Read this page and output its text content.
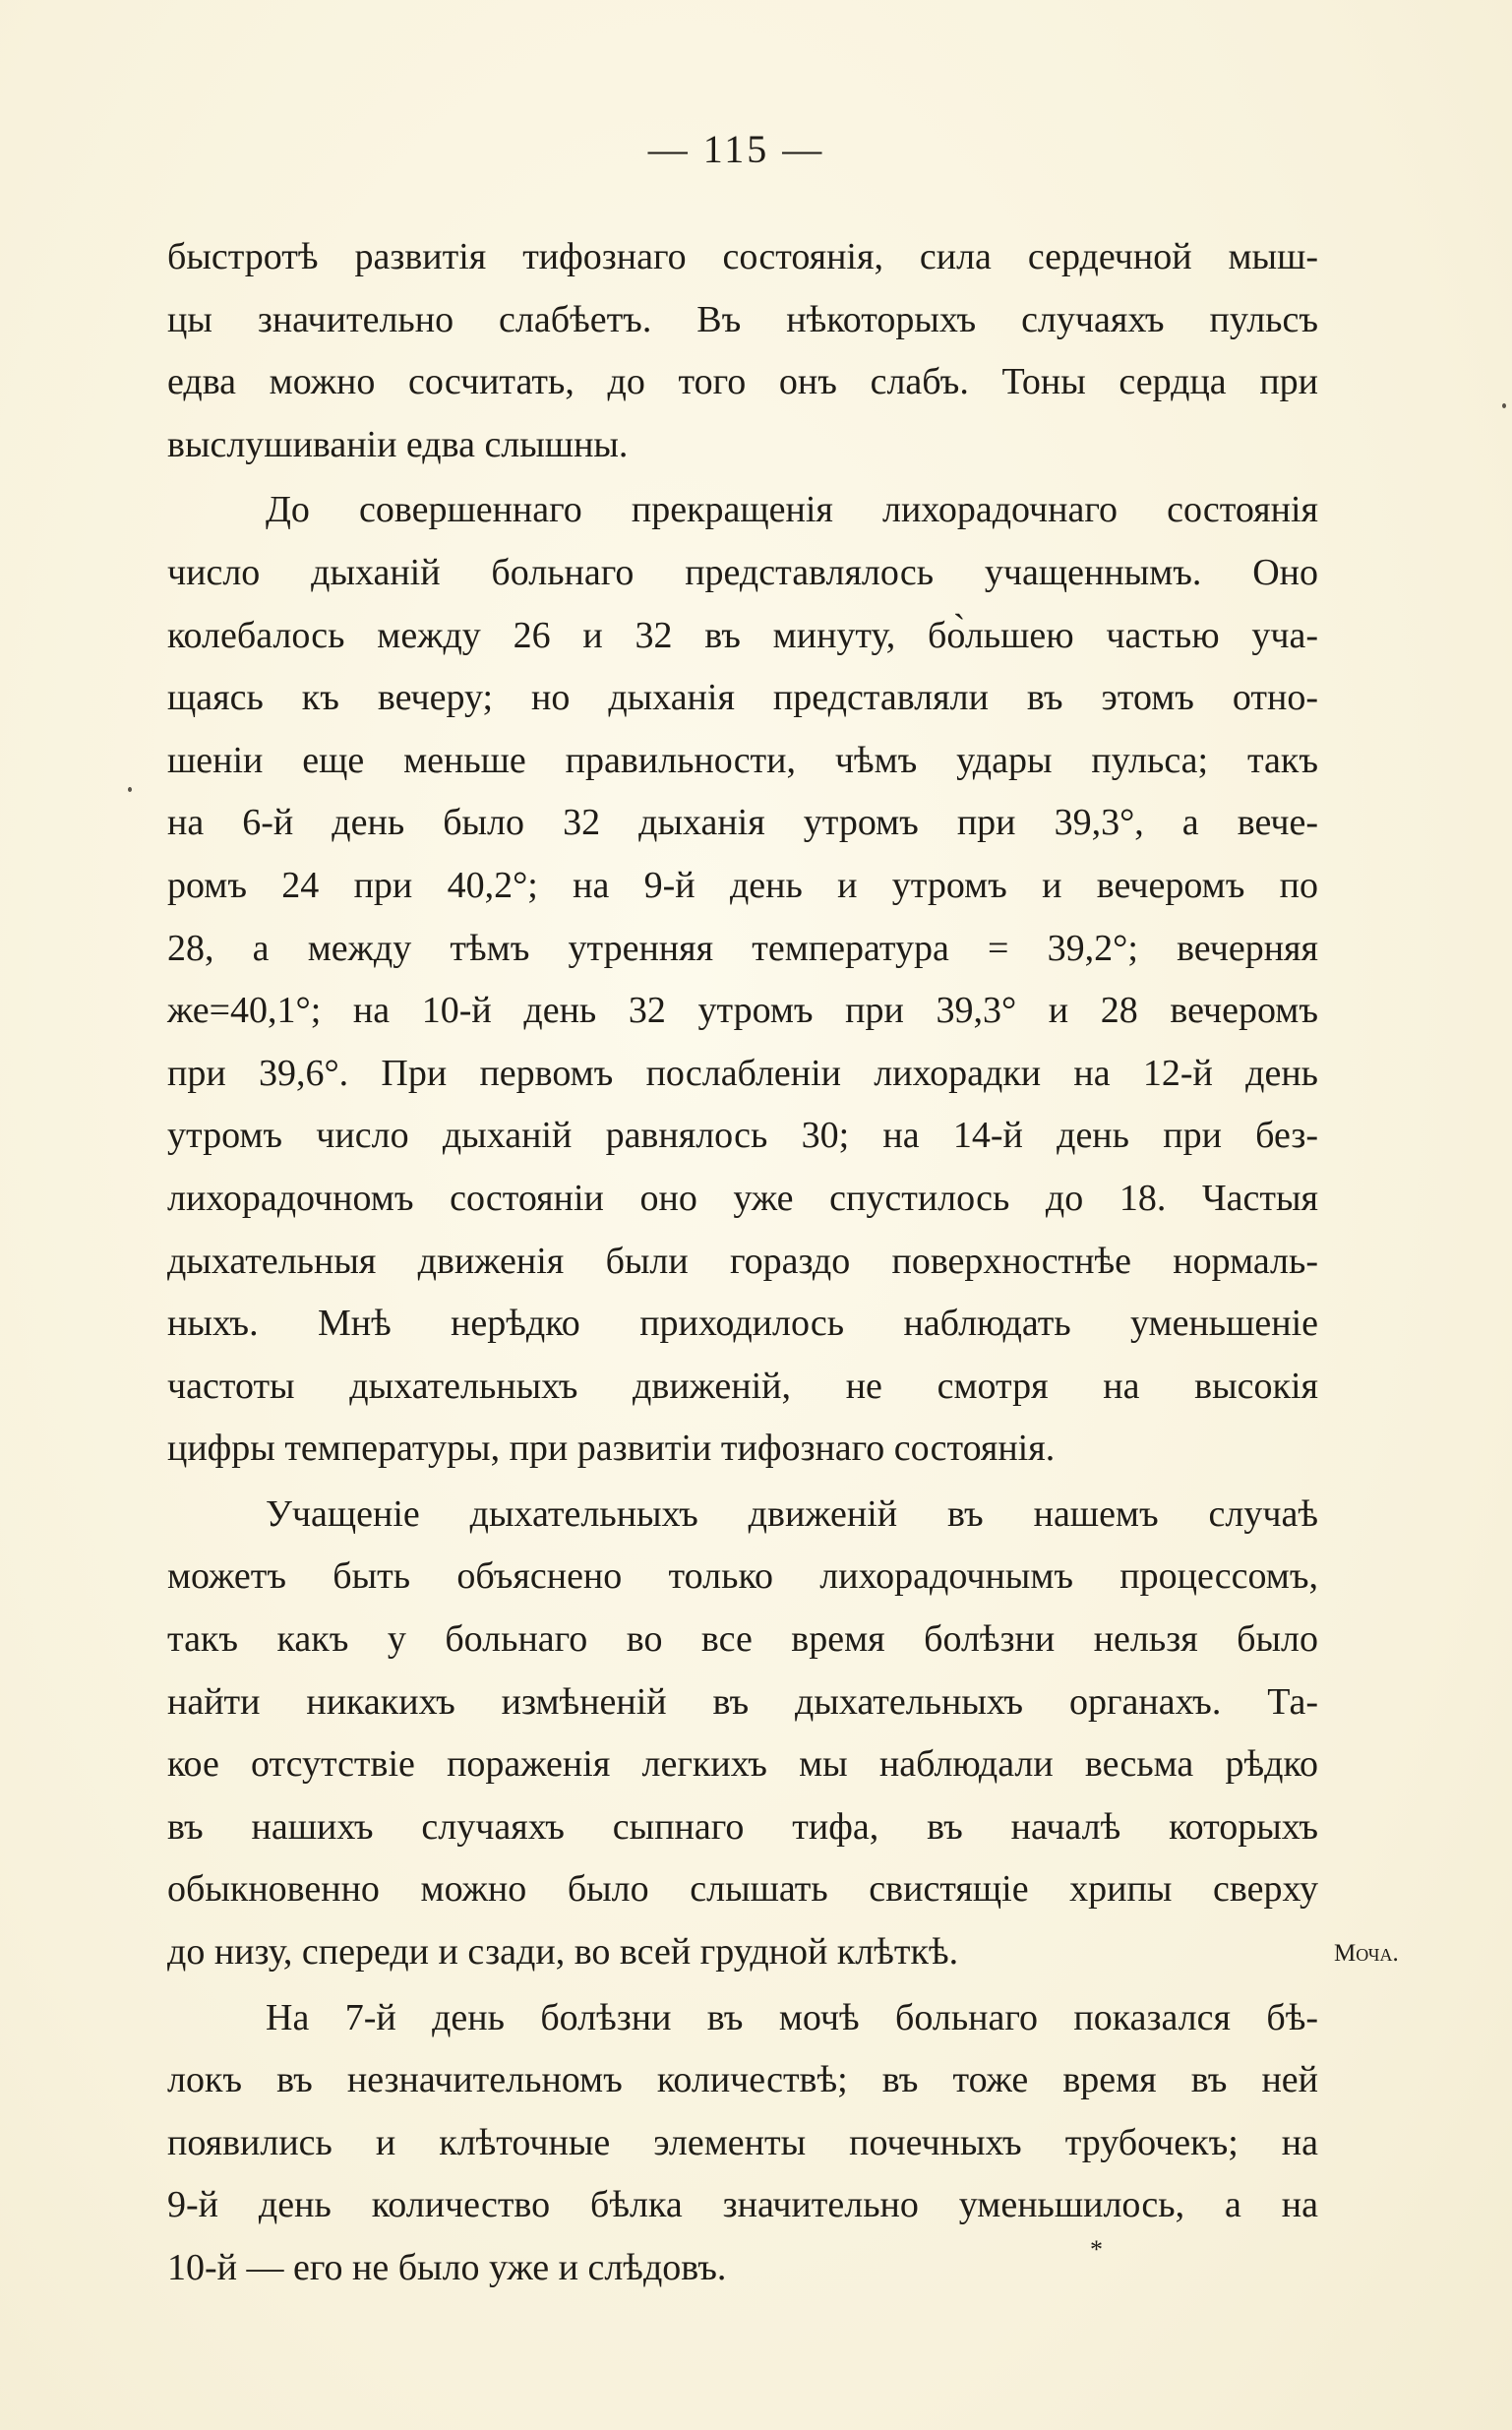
— 115 —

быстротѣ развитія тифознаго состоянія, сила сердечной мыш-
цы значительно слабѣетъ. Въ нѣкоторыхъ случаяхъ пульсъ
едва можно сосчитать, до того онъ слабъ. Тоны сердца при
выслушиваніи едва слышны.

До совершеннаго прекращенія лихорадочнаго состоянія
число дыханій больнаго представлялось учащеннымъ. Оно
колебалось между 26 и 32 въ минуту, бо̀льшею частью уча-
щаясь къ вечеру; но дыханія представляли въ этомъ отно-
шеніи еще меньше правильности, чѣмъ удары пульса; такъ
на 6-й день было 32 дыханія утромъ при 39,3°, а вече-
ромъ 24 при 40,2°; на 9-й день и утромъ и вечеромъ по
28, а между тѣмъ утренняя температура = 39,2°; вечерняя
же=40,1°; на 10-й день 32 утромъ при 39,3° и 28 вечеромъ
при 39,6°. При первомъ послабленіи лихорадки на 12-й день
утромъ число дыханій равнялось 30; на 14-й день при без-
лихорадочномъ состояніи оно уже спустилось до 18. Частыя
дыхательныя движенія были гораздо поверхностнѣе нормаль-
ныхъ. Мнѣ нерѣдко приходилось наблюдать уменьшеніе
частоты дыхательныхъ движеній, не смотря на высокія
цифры температуры, при развитіи тифознаго состоянія.

Учащеніе дыхательныхъ движеній въ нашемъ случаѣ
можетъ быть объяснено только лихорадочнымъ процессомъ,
такъ какъ у больнаго во все время болѣзни нельзя было
найти никакихъ измѣненій въ дыхательныхъ органахъ. Та-
кое отсутствіе пораженія легкихъ мы наблюдали весьма рѣдко
въ нашихъ случаяхъ сыпнаго тифа, въ началѣ которыхъ
обыкновенно можно было слышать свистящіе хрипы сверху
до низу, спереди и сзади, во всей грудной клѣткѣ.

На 7-й день болѣзни въ мочѣ больнаго показался бѣ-
локъ въ незначительномъ количествѣ; въ тоже время въ ней
появились и клѣточные элементы почечныхъ трубочекъ; на
9-й день количество бѣлка значительно уменьшилось, а на
10-й — его не было уже и слѣдовъ.

Моча.
*
